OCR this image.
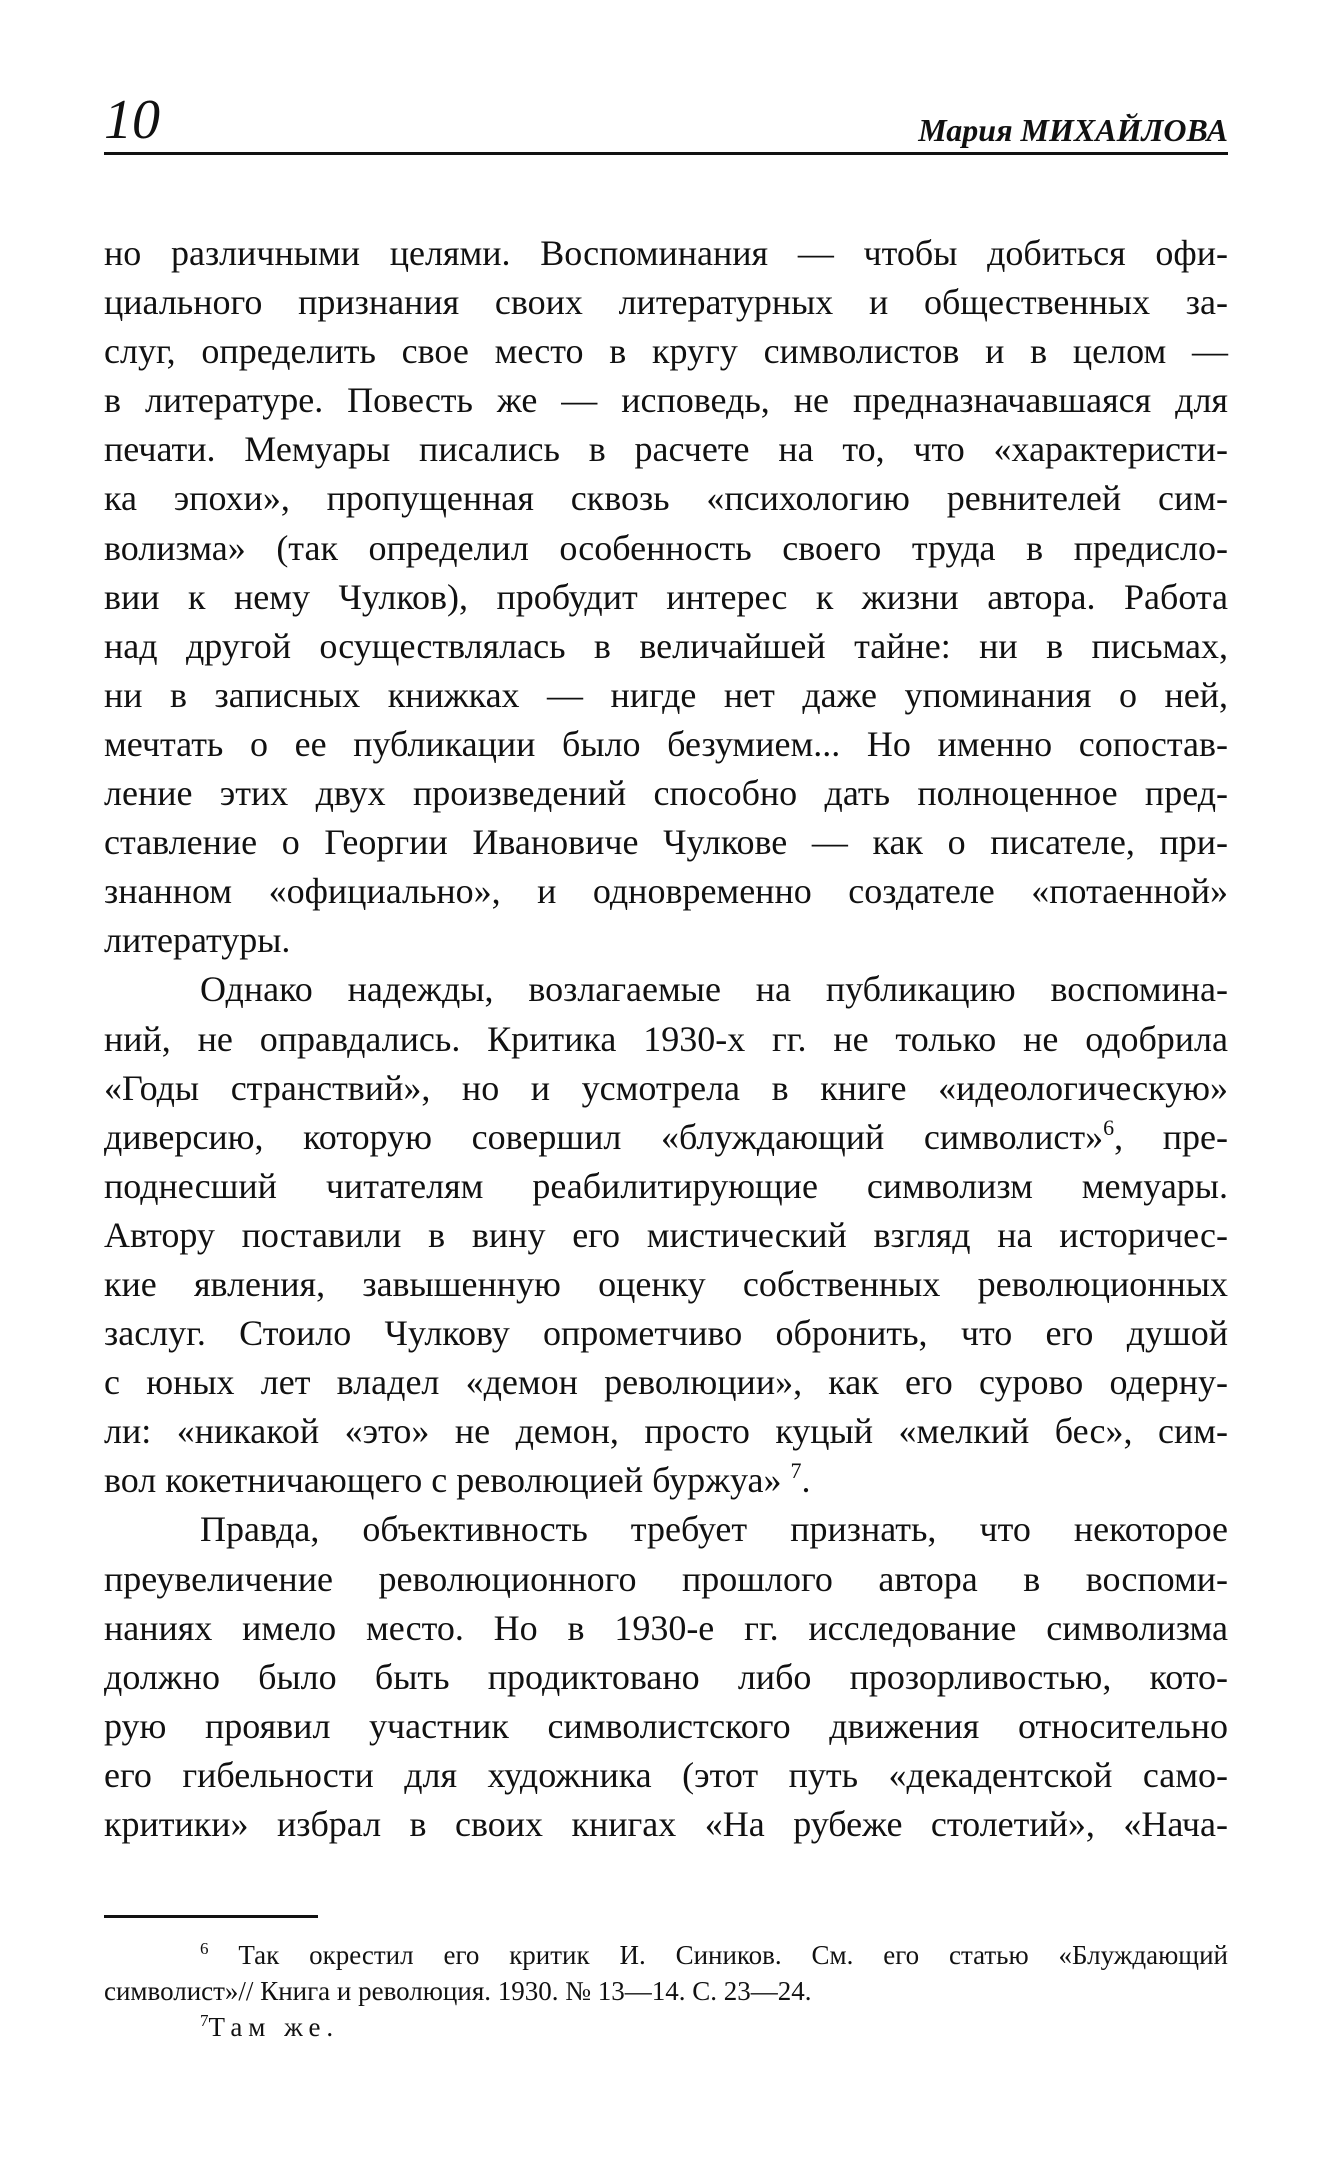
10	Мария МИХАЙЛОВА
но различными целями. Воспоминания — чтобы добиться офи-
циального признания своих литературных и общественных за-
слуг, определить свое место в кругу символистов и в целом —
в литературе. Повесть же — исповедь, не предназначавшаяся для
печати. Мемуары писались в расчете на то, что «характеристи-
ка эпохи», пропущенная сквозь «психологию ревнителей сим-
волизма» (так определил особенность своего труда в предисло-
вии к нему Чулков), пробудит интерес к жизни автора. Работа
над другой осуществлялась в величайшей тайне: ни в письмах,
ни в записных книжках — нигде нет даже упоминания о ней,
мечтать о ее публикации было безумием... Но именно сопостав-
ление этих двух произведений способно дать полноценное пред-
ставление о Георгии Ивановиче Чулкове — как о писателе, при-
знанном «официально», и одновременно создателе «потаенной»
литературы.
Однако надежды, возлагаемые на публикацию воспомина-
ний, не оправдались. Критика 1930-х гг. не только не одобрила
«Годы странствий», но и усмотрела в книге «идеологическую»
диверсию, которую совершил «блуждающий символист»$^6$, пре-
поднесший читателям реабилитирующие символизм мемуары.
Автору поставили в вину его мистический взгляд на историчес-
кие явления, завышенную оценку собственных революционных
заслуг. Стоило Чулкову опрометчиво обронить, что его душой
с юных лет владел «демон революции», как его сурово одерну-
ли: «никакой «это» не демон, просто куцый «мелкий бес», сим-
вол кокетничающего с революцией буржуа» $^7$.
Правда, объективность требует признать, что некоторое
преувеличение революционного прошлого автора в воспоми-
наниях имело место. Но в 1930-е гг. исследование символизма
должно было быть продиктовано либо прозорливостью, кото-
рую проявил участник символистского движения относительно
его гибельности для художника (этот путь «декадентской само-
критики» избрал в своих книгах «На рубеже столетий», «Нача-
$^6$ Так окрестил его критик И. Сиников. См. его статью «Блуждающий
символист»// Книга и революция. 1930. № 13—14. С. 23—24.
$^7$Там же.
